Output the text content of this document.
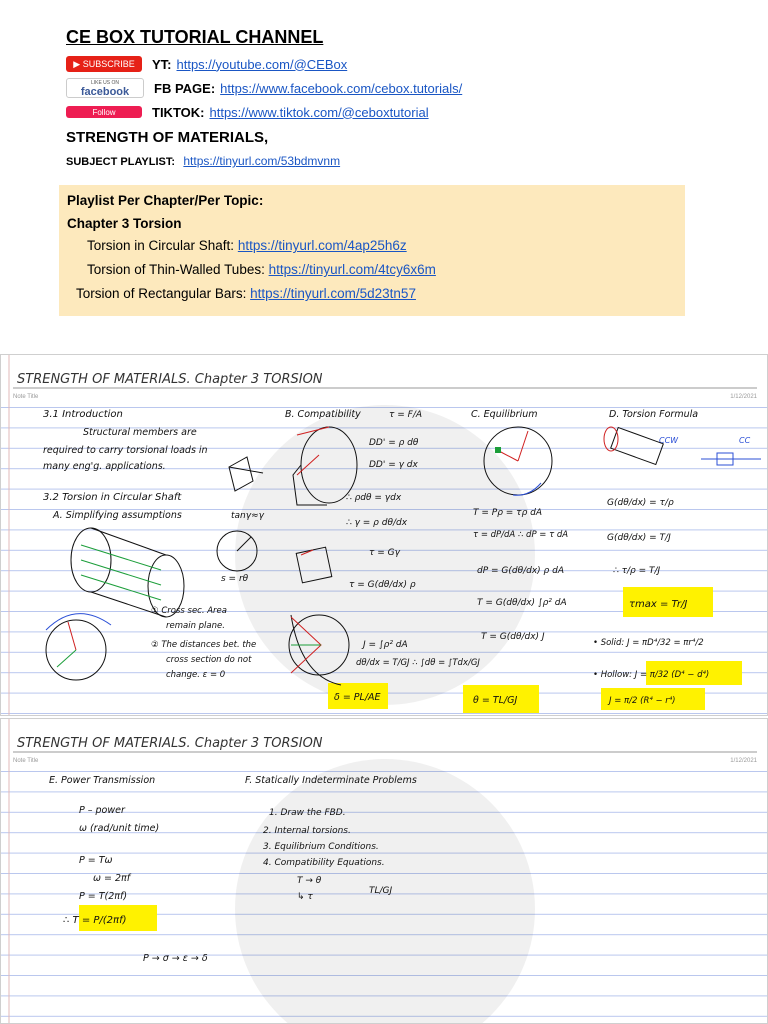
CE BOX TUTORIAL CHANNEL
▶ SUBSCRIBE YT: https://youtube.com/@CEBox
LIKE US ON
facebook FB PAGE: https://www.facebook.com/cebox.tutorials/
Follow	TIKTOK: https://www.tiktok.com/@ceboxtutorial
STRENGTH OF MATERIALS,
SUBJECT PLAYLIST: https://tinyurl.com/53bdmvnm
Playlist Per Chapter/Per Topic:
Chapter 3 Torsion
Torsion in Circular Shaft: https://tinyurl.com/4ap25h6z
Torsion of Thin-Walled Tubes: https://tinyurl.com/4tcy6x6m
Torsion of Rectangular Bars: https://tinyurl.com/5d23tn57
STRENGTH OF MATERIALS. Chapter 3 TORSION
Note Title	1/12/2021
3.1 Introduction
Structural members are
required to carry torsional loads in
many eng'g. applications.
3.2 Torsion in Circular Shaft
A. Simplifying assumptions	tanγ≈γ
s = rθ
① Cross sec. Area
remain plane.
② The distances bet. the
cross section do not
change. ε = 0
B. Compatibility	τ = F/A
DD' = ρ dθ
DD' = γ dx
∴ ρdθ = γdx
∴ γ = ρ dθ/dx
τ = Gγ
τ = G(dθ/dx) ρ
J = ∫ρ² dA
dθ/dx = T/GJ ∴ ∫dθ = ∫Tdx/GJ
δ = PL/AE
C. Equilibrium
T = Pρ = τρ dA
τ = dP/dA ∴ dP = τ dA
dP = G(dθ/dx) ρ dA
T = G(dθ/dx) ∫ρ² dA
T = G(dθ/dx) J
θ = TL/GJ
D. Torsion Formula
CCW	CC
G(dθ/dx) = τ/ρ
G(dθ/dx) = T/J
∴ τ/ρ = T/J
τmax = Tr/J
• Solid: J = πD⁴/32 = πr⁴/2
• Hollow: J = π/32 (D⁴ − d⁴)
J = π/2 (R⁴ − r⁴)
STRENGTH OF MATERIALS. Chapter 3 TORSION
Note Title	1/12/2021
E. Power Transmission
P – power
ω (rad/unit time)
P = Tω
ω = 2πf
P = T(2πf)
∴ T = P/(2πf)
P → σ → ε → δ
F. Statically Indeterminate Problems
1. Draw the FBD.
2. Internal torsions.
3. Equilibrium Conditions.
4. Compatibility Equations.
T → θ
↳ τ
TL/GJ
